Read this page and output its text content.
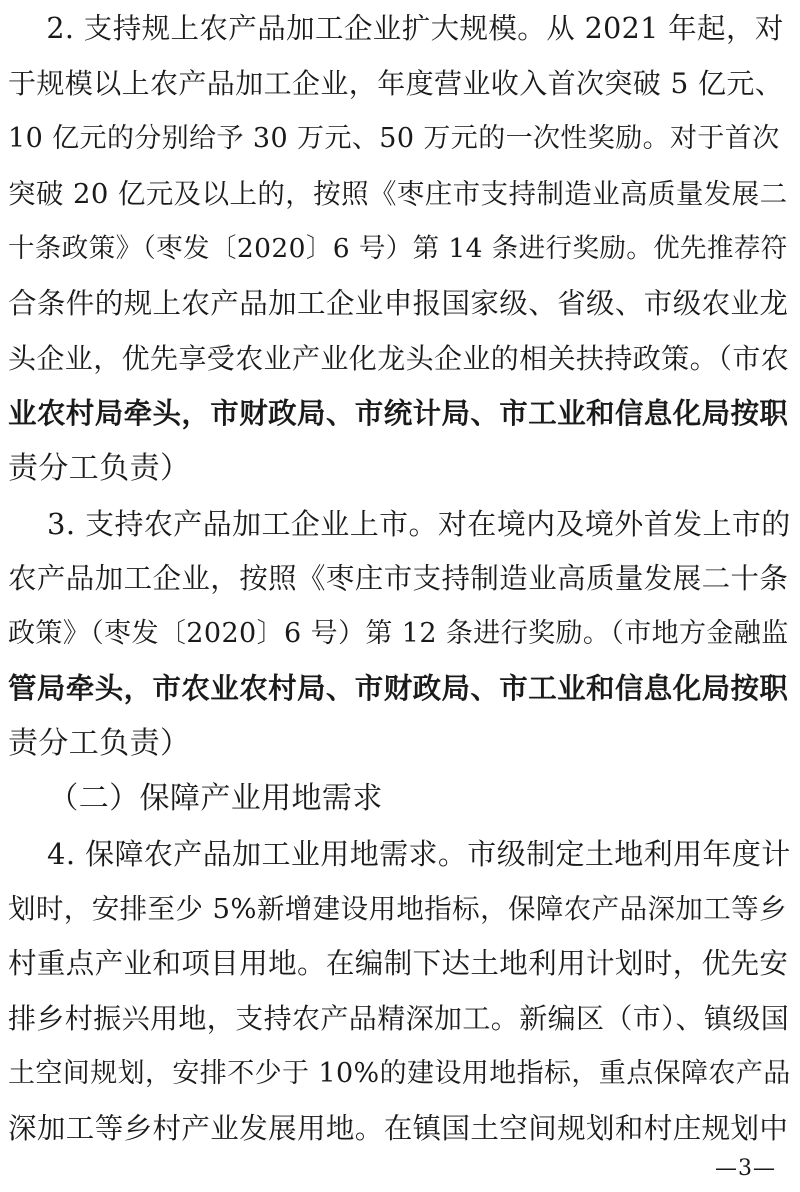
　 2. 支持规上农产品加工企业扩大规模。从 2021 年起，对
于规模以上农产品加工企业，年度营业收入首次突破 5 亿元、
10 亿元的分别给予 30 万元、50 万元的一次性奖励。对于首次
突破 20 亿元及以上的，按照《枣庄市支持制造业高质量发展二
十条政策》（枣发〔2020〕6 号）第 14 条进行奖励。优先推荐符
合条件的规上农产品加工企业申报国家级、省级、市级农业龙
头企业，优先享受农业产业化龙头企业的相关扶持政策。（市农
业农村局牵头，市财政局、市统计局、市工业和信息化局按职
责分工负责）
　 3. 支持农产品加工企业上市。对在境内及境外首发上市的
农产品加工企业，按照《枣庄市支持制造业高质量发展二十条
政策》（枣发〔2020〕6 号）第 12 条进行奖励。（市地方金融监
管局牵头，市农业农村局、市财政局、市工业和信息化局按职
责分工负责）
　 （二）保障产业用地需求
　 4. 保障农产品加工业用地需求。市级制定土地利用年度计
划时，安排至少 5%新增建设用地指标，保障农产品深加工等乡
村重点产业和项目用地。在编制下达土地利用计划时，优先安
排乡村振兴用地，支持农产品精深加工。新编区（市）、镇级国
土空间规划，安排不少于 10%的建设用地指标，重点保障农产品
深加工等乡村产业发展用地。在镇国土空间规划和村庄规划中
—3—
